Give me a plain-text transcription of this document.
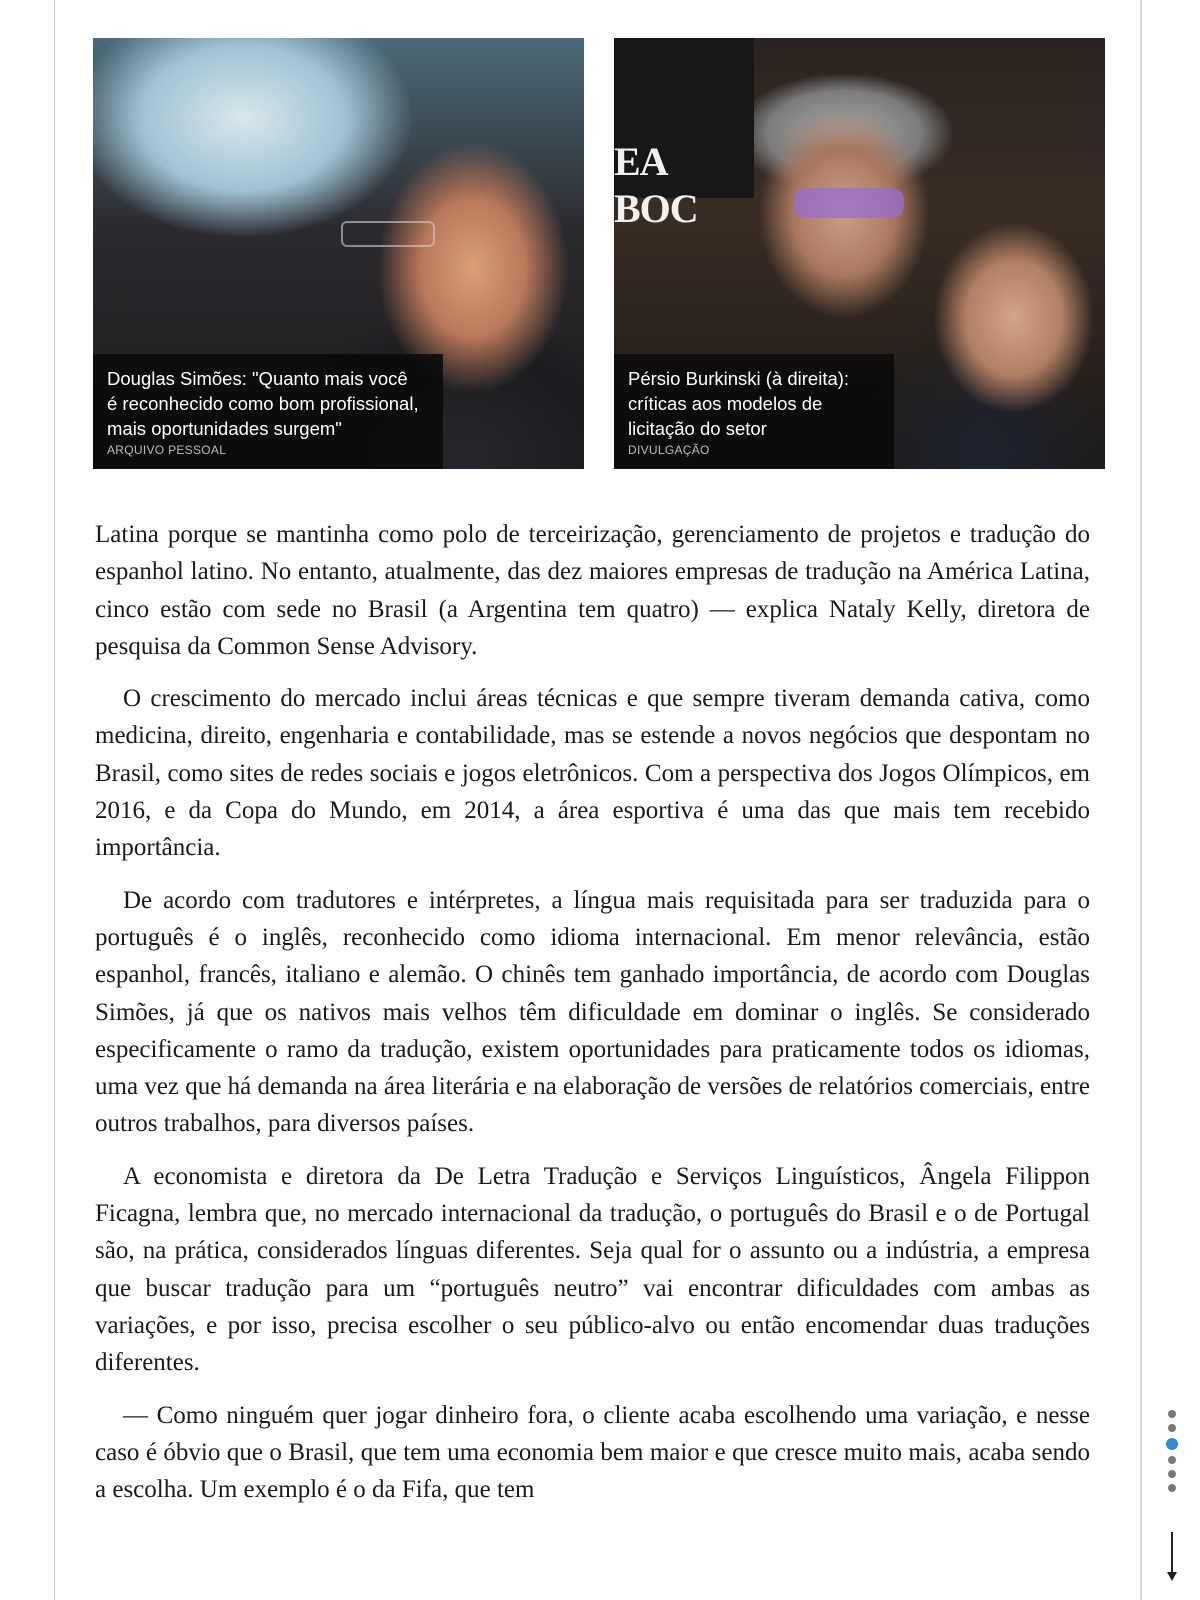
Douglas Simões: "Quanto mais você
é reconhecido como bom profissional,
mais oportunidades surgem"
ARQUIVO PESSOAL
EA BOC
Pérsio Burkinski (à direita):
críticas aos modelos de
licitação do setor
DIVULGAÇÃO

Latina porque se mantinha como polo de terceirização, gerenciamento de projetos e tradução do espanhol latino. No entanto, atualmente, das dez maiores empresas de tradução na América Latina, cinco estão com sede no Brasil (a Argentina tem quatro) — explica Nataly Kelly, diretora de pesquisa da Common Sense Advisory.

O crescimento do mercado inclui áreas técnicas e que sempre tiveram demanda cativa, como medicina, direito, engenharia e contabilidade, mas se estende a novos negócios que despontam no Brasil, como sites de redes sociais e jogos eletrônicos. Com a perspectiva dos Jogos Olímpicos, em 2016, e da Copa do Mundo, em 2014, a área esportiva é uma das que mais tem recebido importância.

De acordo com tradutores e intérpretes, a língua mais requisitada para ser traduzida para o português é o inglês, reconhecido como idioma internacional. Em menor relevância, estão espanhol, francês, italiano e alemão. O chinês tem ganhado importância, de acordo com Douglas Simões, já que os nativos mais velhos têm dificuldade em dominar o inglês. Se considerado especificamente o ramo da tradução, existem oportunidades para praticamente todos os idiomas, uma vez que há demanda na área literária e na elaboração de versões de relatórios comerciais, entre outros trabalhos, para diversos países.

A economista e diretora da De Letra Tradução e Serviços Linguísticos, Ângela Filippon Ficagna, lembra que, no mercado internacional da tradução, o português do Brasil e o de Portugal são, na prática, considerados línguas diferentes. Seja qual for o assunto ou a indústria, a empresa que buscar tradução para um “português neutro” vai encontrar dificuldades com ambas as variações, e por isso, precisa escolher o seu público-alvo ou então encomendar duas traduções diferentes.

— Como ninguém quer jogar dinheiro fora, o cliente acaba escolhendo uma variação, e nesse caso é óbvio que o Brasil, que tem uma economia bem maior e que cresce muito mais, acaba sendo a escolha. Um exemplo é o da Fifa, que tem
